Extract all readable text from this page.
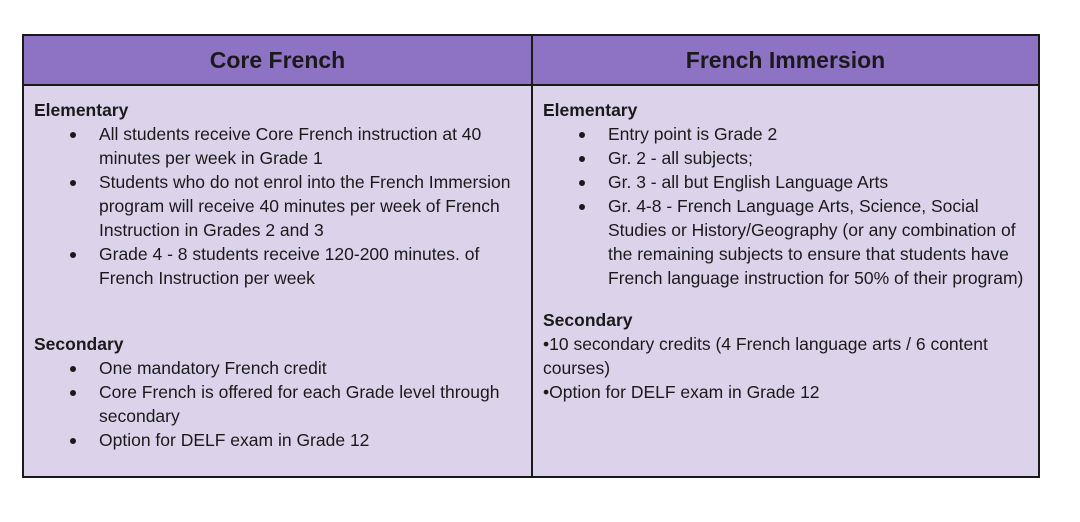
Core French	French Immersion

Elementary

All students receive Core French instruction at 40 minutes per week in Grade 1
Students who do not enrol into the French Immersion program will receive 40 minutes per week of French Instruction in Grades 2 and 3
Grade 4 - 8 students receive 120-200 minutes. of French Instruction per week

Secondary

One mandatory French credit
Core French is offered for each Grade level through secondary
Option for DELF exam in Grade 12

Elementary

Entry point is Grade 2
Gr. 2 - all subjects;
Gr. 3 - all but English Language Arts
Gr. 4-8 - French Language Arts, Science, Social Studies or History/Geography (or any combination of the remaining subjects to ensure that students have French language instruction for 50% of their program)

Secondary

•10 secondary credits (4 French language arts / 6 content courses)

•Option for DELF exam in Grade 12
